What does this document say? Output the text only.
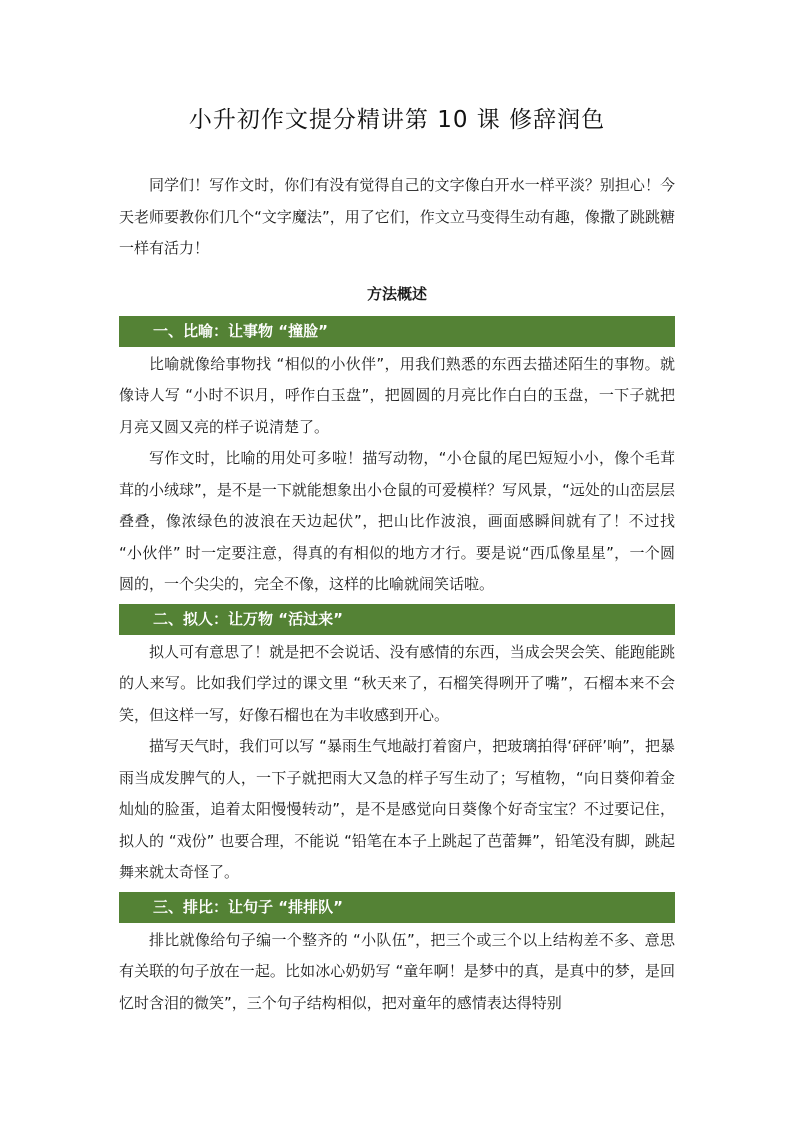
小升初作文提分精讲第 10 课 修辞润色

同学们！写作文时，你们有没有觉得自己的文字像白开水一样平淡？别担心！今天老师要教你们几个“文字魔法”，用了它们，作文立马变得生动有趣，像撒了跳跳糖一样有活力！

方法概述
一、比喻：让事物 “撞脸”

比喻就像给事物找 “相似的小伙伴”，用我们熟悉的东西去描述陌生的事物。就像诗人写 “小时不识月，呼作白玉盘”，把圆圆的月亮比作白白的玉盘，一下子就把月亮又圆又亮的样子说清楚了。

写作文时，比喻的用处可多啦！描写动物，“小仓鼠的尾巴短短小小，像个毛茸茸的小绒球”，是不是一下就能想象出小仓鼠的可爱模样？写风景，“远处的山峦层层叠叠，像浓绿色的波浪在天边起伏”，把山比作波浪，画面感瞬间就有了！不过找 “小伙伴” 时一定要注意，得真的有相似的地方才行。要是说“西瓜像星星”，一个圆圆的，一个尖尖的，完全不像，这样的比喻就闹笑话啦。

二、拟人：让万物 “活过来”

拟人可有意思了！就是把不会说话、没有感情的东西，当成会哭会笑、能跑能跳的人来写。比如我们学过的课文里 “秋天来了，石榴笑得咧开了嘴”，石榴本来不会笑，但这样一写，好像石榴也在为丰收感到开心。

描写天气时，我们可以写 “暴雨生气地敲打着窗户，把玻璃拍得‘砰砰’响”，把暴雨当成发脾气的人，一下子就把雨大又急的样子写生动了；写植物，“向日葵仰着金灿灿的脸蛋，追着太阳慢慢转动”，是不是感觉向日葵像个好奇宝宝？不过要记住，拟人的 “戏份” 也要合理，不能说 “铅笔在本子上跳起了芭蕾舞”，铅笔没有脚，跳起舞来就太奇怪了。

三、排比：让句子 “排排队”

排比就像给句子编一个整齐的 “小队伍”，把三个或三个以上结构差不多、意思有关联的句子放在一起。比如冰心奶奶写 “童年啊！是梦中的真，是真中的梦，是回忆时含泪的微笑”，三个句子结构相似，把对童年的感情表达得特别
